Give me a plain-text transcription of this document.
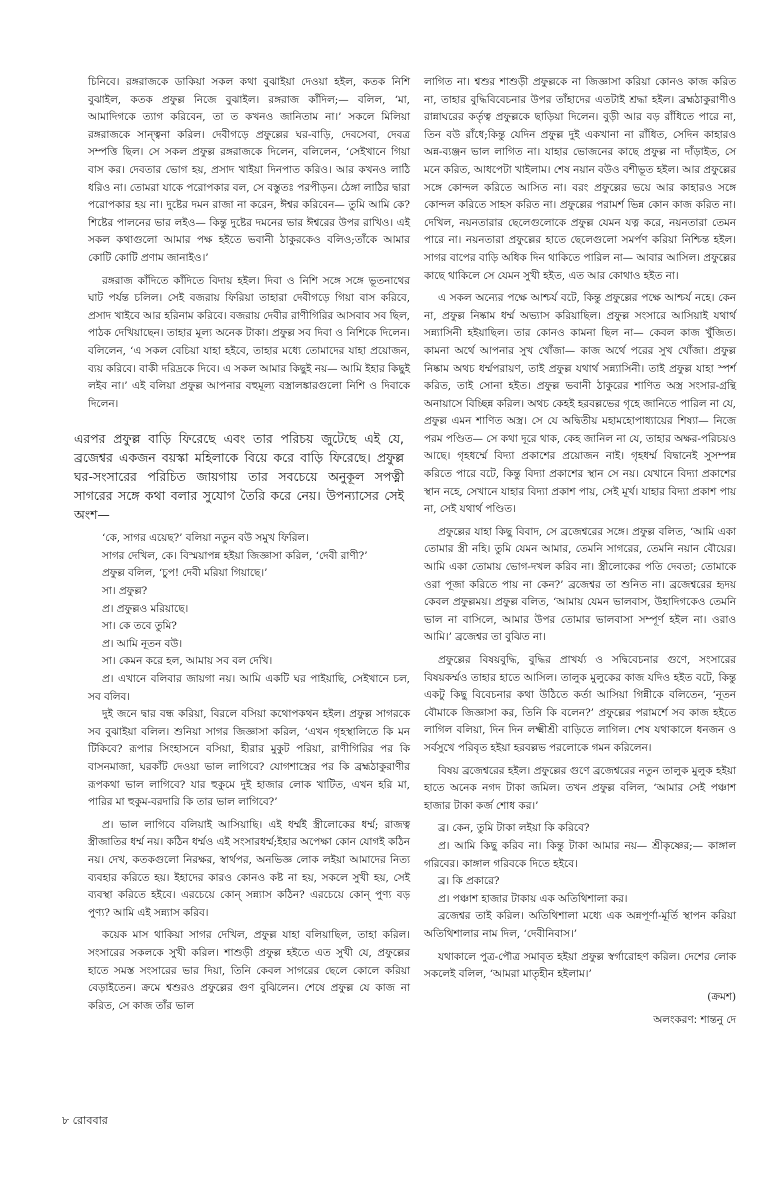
চিনিবে। রঙ্গরাজকে ডাকিয়া সকল কথা বুঝাইয়া দেওয়া হইল, কতক নিশি বুঝাইল, কতক প্রফুল্ল নিজে বুঝাইল। রঙ্গরাজ কাঁদিল;— বলিল, ‘মা, আমাদিগকে ত্যাগ করিবেন, তা ত কখনও জানিতাম না।’ সকলে মিলিয়া রঙ্গরাজকে সান্ত্বনা করিল। দেবীগড়ে প্রফুল্লের ঘর-বাড়ি, দেবসেবা, দেবত্র সম্পত্তি ছিল। সে সকল প্রফুল্ল রঙ্গরাজকে দিলেন, বলিলেন, ‘সেইখানে গিয়া বাস কর। দেবতার ভোগ হয়, প্রসাদ খাইয়া দিনপাত করিও। আর কখনও লাঠি ধরিও না। তোমরা যাকে পরোপকার বল, সে বস্তুতঃ পরপীড়ন। ঠেঙ্গা লাঠির দ্বারা পরোপকার হয় না। দুষ্টের দমন রাজা না করেন, ঈশ্বর করিবেন— তুমি আমি কে? শিষ্টের পালনের ভার লইও— কিন্তু দুষ্টের দমনের ভার ঈশ্বরের উপর রাখিও। এই সকল কথাগুলো আমার পক্ষ হইতে ভবানী ঠাকুরকেও বলিও;তাঁকে আমার কোটি কোটি প্রণাম জানাইও।’

রঙ্গরাজ কাঁদিতে কাঁদিতে বিদায় হইল। দিবা ও নিশি সঙ্গে সঙ্গে ভূতনাথের ঘাট পর্যন্ত চলিল। সেই বজরায় ফিরিয়া তাহারা দেবীগড়ে গিয়া বাস করিবে, প্রসাদ খাইবে আর হরিনাম করিবে। বজরায় দেবীর রাণীগিরির আসবাব সব ছিল, পাঠক দেখিয়াছেন। তাহার মূল্য অনেক টাকা। প্রফুল্ল সব দিবা ও নিশিকে দিলেন। বলিলেন, ‘এ সকল বেচিয়া যাহা হইবে, তাহার মধ্যে তোমাদের যাহা প্রয়োজন, ব্যয় করিবে। বাকী দরিদ্রকে দিবে। এ সকল আমার কিছুই নয়— আমি ইহার কিছুই লইব না।’ এই বলিয়া প্রফুল্ল আপনার বহুমূল্য বস্ত্রালঙ্কারগুলো নিশি ও দিবাকে দিলেন।

এরপর প্রফুল্ল বাড়ি ফিরেছে এবং তার পরিচয় জুটেছে এই যে, ব্রজেশ্বর একজন বয়স্কা মহিলাকে বিয়ে করে বাড়ি ফিরেছে। প্রফুল্ল ঘর-সংসারের পরিচিত জায়গায় তার সবচেয়ে অনুকূল সপত্নী সাগরের সঙ্গে কথা বলার সুযোগ তৈরি করে নেয়। উপন্যাসের সেই অংশ—

‘কে, সাগর এয়েছ?’ বলিয়া নতুন বউ সমুখ ফিরিল।

সাগর দেখিল, কে। বিস্ময়াপন্ন হইয়া জিজ্ঞাসা করিল, ‘দেবী রাণী?’

প্রফুল্ল বলিল, ‘চুপ! দেবী মরিয়া গিয়াছে।’

সা। প্রফুল্ল?

প্র। প্রফুল্লও মরিয়াছে।

সা। কে তবে তুমি?

প্র। আমি নূতন বউ।

সা। কেমন করে হল, আমায় সব বল দেখি।

প্র। এখানে বলিবার জায়গা নয়। আমি একটি ঘর পাইয়াছি, সেইখানে চল, সব বলিব।

দুই জনে দ্বার বন্ধ করিয়া, বিরলে বসিয়া কথোপকথন হইল। প্রফুল্ল সাগরকে সব বুঝাইয়া বলিল। শুনিয়া সাগর জিজ্ঞাসা করিল, ‘এখন গৃহস্থালিতে কি মন টিকিবে? রূপার সিংহাসনে বসিয়া, হীরার মুকুট পরিয়া, রাণীগিরির পর কি বাসনমাজা, ঘরকাঁট দেওয়া ভাল লাগিবে? যোগশাস্ত্রের পর কি ব্রহ্মঠাকুরাণীর রূপকথা ভাল লাগিবে? যার হুকুমে দুই হাজার লোক খাটিত, এখন হরি মা, পারির মা হুকুম-বরদারি কি তার ভাল লাগিবে?’

প্র। ভাল লাগিবে বলিয়াই আসিয়াছি। এই ধর্ম্মই স্ত্রীলোকের ধর্ম্ম; রাজত্ব স্ত্রীজাতির ধর্ম্ম নয়। কঠিন ধর্ম্মও এই সংসারধর্ম্ম;ইহার অপেক্ষা কোন যোগই কঠিন নয়। দেখ, কতকগুলো নিরক্ষর, স্বার্থপর, অনভিজ্ঞ লোক লইয়া আমাদের নিত্য ব্যবহার করিতে হয়। ইহাদের কারও কোনও কষ্ট না হয়, সকলে সুখী হয়, সেই ব্যবস্থা করিতে হইবে। এরচেয়ে কোন্ সন্ন্যাস কঠিন? এরচেয়ে কোন্ পুণ্য বড় পুণ্য? আমি এই সন্ন্যাস করিব।

কয়েক মাস থাকিয়া সাগর দেখিল, প্রফুল্ল যাহা বলিয়াছিল, তাহা করিল। সংসারের সকলকে সুখী করিল। শাশুড়ী প্রফুল্ল হইতে এত সুখী যে, প্রফুল্লের হাতে সমস্ত সংসারের ভার দিয়া, তিনি কেবল সাগরের ছেলে কোলে করিয়া বেড়াইতেন। ক্রমে শ্বশুরও প্রফুল্লের গুণ বুঝিলেন। শেষে প্রফুল্ল যে কাজ না করিত, সে কাজ তাঁর ভাল

লাগিত না। শ্বশুর শাশুড়ী প্রফুল্লকে না জিজ্ঞাসা করিয়া কোনও কাজ করিত না, তাহার বুদ্ধিবিবেচনার উপর তাঁহাদের এতটাই শ্রদ্ধা হইল। ব্রহ্মঠাকুরাণীও রান্নাঘরের কর্তৃত্ব প্রফুল্লকে ছাড়িয়া দিলেন। বুড়ী আর বড় রাঁধিতে পারে না, তিন বউ রাঁধে;কিন্তু যেদিন প্রফুল্ল দুই একখানা না রাঁধিত, সেদিন কাহারও অন্ন-ব্যঞ্জন ভাল লাগিত না। যাহার ভোজনের কাছে প্রফুল্ল না দাঁড়াইত, সে মনে করিত, আধপেটা খাইলাম। শেষ নয়ান বউও বশীভূত হইল। আর প্রফুল্লের সঙ্গে কোন্দল করিতে আসিত না। বরং প্রফুল্লের ভয়ে আর কাহারও সঙ্গে কোন্দল করিতে সাহস করিত না। প্রফুল্লের পরামর্শ ভিন্ন কোন কাজ করিত না। দেখিল, নয়নতারার ছেলেগুলোকে প্রফুল্ল যেমন যত্ন করে, নয়নতারা তেমন পারে না। নয়নতারা প্রফুল্লের হাতে ছেলেগুলো সমর্পণ করিয়া নিশ্চিন্ত হইল। সাগর বাপের বাড়ি অধিক দিন থাকিতে পারিল না— আবার আসিল। প্রফুল্লের কাছে থাকিলে সে যেমন সুখী হইত, এত আর কোথাও হইত না।

এ সকল অন্যের পক্ষে আশ্চর্য বটে, কিন্তু প্রফুল্লের পক্ষে আশ্চর্য নহে। কেন না, প্রফুল্ল নিষ্কাম ধর্ম্ম অভ্যাস করিয়াছিল। প্রফুল্ল সংসারে আসিয়াই যথার্থ সন্ন্যাসিনী হইয়াছিল। তার কোনও কামনা ছিল না— কেবল কাজ খুঁজিত। কামনা অর্থে আপনার সুখ খোঁজা— কাজ অর্থে পরের সুখ খোঁজা। প্রফুল্ল নিষ্কাম অথচ ধর্ম্মপরায়ণ, তাই প্রফুল্ল যথার্থ সন্ন্যাসিনী। তাই প্রফুল্ল যাহা স্পর্শ করিত, তাই সোনা হইত। প্রফুল্ল ভবানী ঠাকুরের শাণিত অস্ত্র সংসার-গ্রন্থি অনায়াসে বিচ্ছিন্ন করিল। অথচ কেহই হরবল্লভের গৃহে জানিতে পারিল না যে, প্রফুল্ল এমন শাণিত অস্ত্র। সে যে অদ্বিতীয় মহামহোপাধ্যায়ের শিষ্যা— নিজে পরম পণ্ডিত— সে কথা দূরে থাক, কেহ জানিল না যে, তাহার অক্ষর-পরিচয়ও আছে। গৃহধর্ম্মে বিদ্যা প্রকাশের প্রয়োজন নাই। গৃহধর্ম্ম বিদ্বানেই সুসম্পন্ন করিতে পারে বটে, কিন্তু বিদ্যা প্রকাশের স্থান সে নয়। যেখানে বিদ্যা প্রকাশের স্থান নহে, সেখানে যাহার বিদ্যা প্রকাশ পায়, সেই মূর্খ। যাহার বিদ্যা প্রকাশ পায় না, সেই যথার্থ পণ্ডিত।

প্রফুল্লের যাহা কিছু বিবাদ, সে ব্রজেশ্বরের সঙ্গে। প্রফুল্ল বলিত, ‘আমি একা তোমার স্ত্রী নহি। তুমি যেমন আমার, তেমনি সাগরের, তেমনি নয়ান বৌয়ের। আমি একা তোমায় ভোগ-দখল করিব না। স্ত্রীলোকের পতি দেবতা; তোমাকে ওরা পূজা করিতে পায় না কেন?’ ব্রজেশ্বর তা শুনিত না। ব্রজেশ্বরের হৃদয় কেবল প্রফুল্লময়। প্রফুল্ল বলিত, ‘আমায় যেমন ভালবাস, উহাদিগকেও তেমনি ভাল না বাসিলে, আমার উপর তোমার ভালবাসা সম্পূর্ণ হইল না। ওরাও আমি।’ ব্রজেশ্বর তা বুঝিত না।

প্রফুল্লের বিষয়বুদ্ধি, বুদ্ধির প্রাখর্য্য ও সদ্বিবেচনার গুণে, সংসারের বিষয়কর্ম্মও তাহার হাতে আসিল। তালুক মুলুকের কাজ যদিও হইত বটে, কিন্তু একটু কিছু বিবেচনার কথা উঠিতে কর্তা আসিয়া গিন্নীকে বলিতেন, ‘নূতন বৌমাকে জিজ্ঞাসা কর, তিনি কি বলেন?’ প্রফুল্লের পরামর্শে সব কাজ হইতে লাগিল বলিয়া, দিন দিন লক্ষ্মীশ্রী বাড়িতে লাগিল। শেষ যথাকালে ধনজন ও সর্বসুখে পরিবৃত হইয়া হরবল্লভ পরলোকে গমন করিলেন।

বিষয় ব্রজেশ্বরের হইল। প্রফুল্লের গুণে ব্রজেশ্বরের নতুন তালুক মুলুক হইয়া হাতে অনেক নগদ টাকা জমিল। তখন প্রফুল্ল বলিল, ‘আমার সেই পঞ্চাশ হাজার টাকা কর্জ শোধ কর।’

ব্র। কেন, তুমি টাকা লইয়া কি করিবে?

প্র। আমি কিছু করিব না। কিন্তু টাকা আমার নয়— শ্রীকৃষ্ণের;— কাঙ্গাল গরিবের। কাঙ্গাল গরিবকে দিতে হইবে।

ব্র। কি প্রকারে?

প্র। পঞ্চাশ হাজার টাকায় এক অতিথিশালা কর।

ব্রজেশ্বর তাই করিল। অতিথিশালা মধ্যে এক অন্নপূর্ণা-মূর্তি স্থাপন করিয়া অতিথিশালার নাম দিল, ‘দেবীনিবাস।’

যথাকালে পুত্র-পৌত্র সমাবৃত হইয়া প্রফুল্ল স্বর্গারোহণ করিল। দেশের লোক সকলেই বলিল, ‘আমরা মাতৃহীন হইলাম।’

(ক্রমশ)

অলংকরণ: শান্তনু দে

৮ রোববার
